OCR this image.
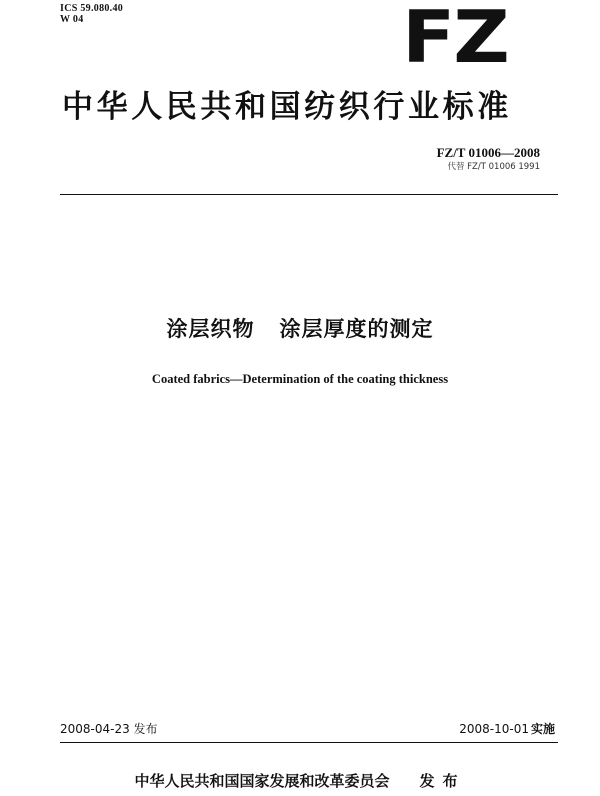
ICS 59.080.40
W 04	FZ
中华人民共和国纺织行业标准
FZ/T 01006—2008
代替 FZ/T 01006 1991
涂层织物   涂层厚度的测定
Coated fabrics—Determination of the coating thickness
2008-04-23 发布	2008-10-01 实施
中华人民共和国国家发展和改革委员会 发布
